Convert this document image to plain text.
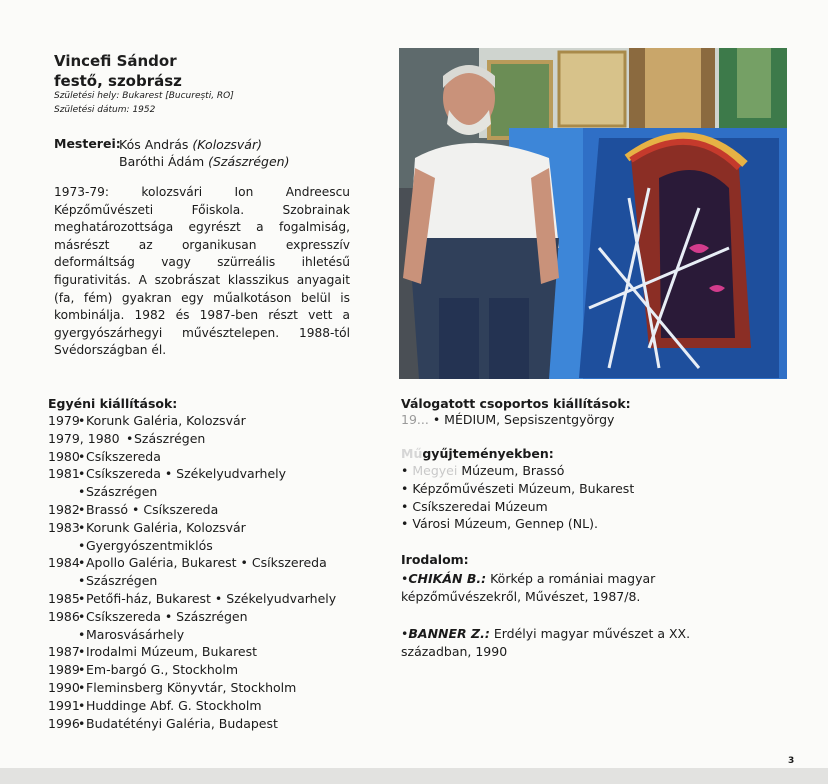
Vincefi Sándor
festő, szobrász
Születési hely: Bukarest [București, RO]
Születési dátum: 1952
Mesterei:
Kós András (Kolozsvár)
Baróthi Ádám (Szászrégen)

1973-79: kolozsvári Ion Andreescu Képzőművészeti Főiskola. Szobrainak meghatározottsága egyrészt a fogalmiság, másrészt az organikusan expresszív deformáltság vagy szürreális ihletésű figurativitás. A szobrászat klasszikus anyagait (fa, fém) gyakran egy műalkotáson belül is kombinálja. 1982 és 1987-ben részt vett a gyergyószárhegyi művésztelepen. 1988-tól Svédországban él.

Egyéni kiállítások:
1979
• Korunk Galéria, Kolozsvár
1979, 1980 • Szászrégen
1980
• Csíkszereda
1981
• Csíkszereda • Székelyudvarhely
• Szászrégen
1982
• Brassó • Csíkszereda
1983
• Korunk Galéria, Kolozsvár
• Gyergyószentmiklós
1984
• Apollo Galéria, Bukarest • Csíkszereda
• Szászrégen
1985
• Petőfi-ház, Bukarest • Székelyudvarhely
1986
• Csíkszereda • Szászrégen
• Marosvásárhely
1987
• Irodalmi Múzeum, Bukarest
1989
• Em-bargó G., Stockholm
1990
• Fleminsberg Könyvtár, Stockholm
1991
• Huddinge Abf. G. Stockholm
1996
• Budatétényi Galéria, Budapest
Válogatott csoportos kiállítások:
19... • MÉDIUM, Sepsiszentgyörgy
Műgyűjteményekben:
• Megyei Múzeum, Brassó
• Képzőművészeti Múzeum, Bukarest
• Csíkszeredai Múzeum
• Városi Múzeum, Gennep (NL).
Irodalom:
•CHIKÁN B.: Körkép a romániai magyar képzőművészekről, Művészet, 1987/8.
•BANNER Z.: Erdélyi magyar művészet a XX. században, 1990
3
